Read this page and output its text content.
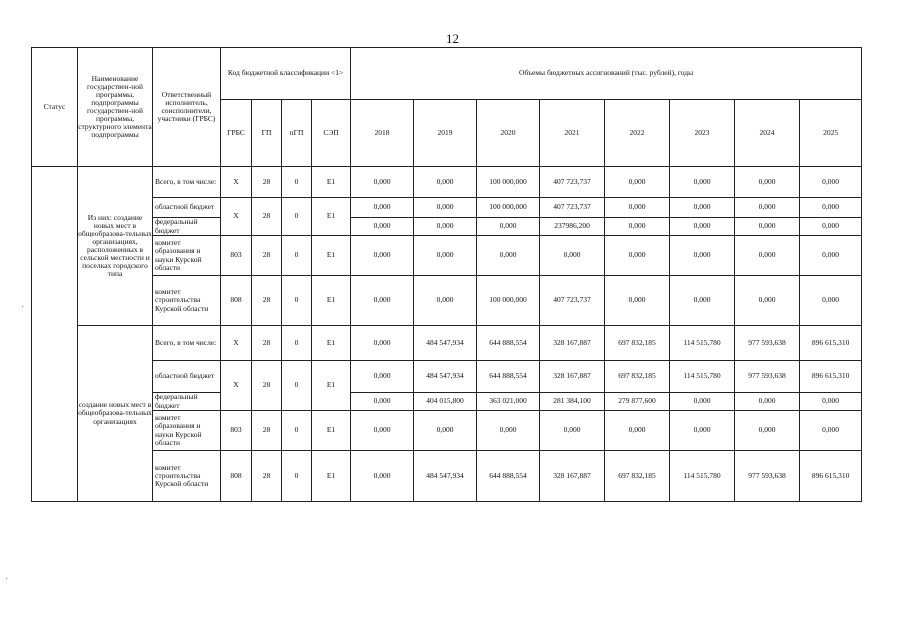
12
Статус	Наименование государствен-ной программы, подпрограммы государствен-ной программы, структурного элемента подпрограммы	Ответственный исполнитель, соисполнители, участники (ГРБС)	Код бюджетной классификации <1>				Объемы бюджетных ассигнований (тыс. рублей), годы							
			ГРБС	ГП	пГП	СЭП	2018	2019	2020	2021	2022	2023	2024	2025
	Из них: создание новых мест в общеобразова-тельных организациях, расположенных в сельской местности и поселках городского типа	Всего, в том числе:	Х	28	0	Е1	0,000	0,000	100 000,000	407 723,737	0,000	0,000	0,000	0,000
		областной бюджет	Х	28	0	Е1	0,000	0,000	100 000,000	407 723,737	0,000	0,000	0,000	0,000
		федеральный бюджет					0,000	0,000	0,000	237986,200	0,000	0,000	0,000	0,000
		комитет образования и науки Курской области	803	28	0	Е1	0,000	0,000	0,000	0,000	0,000	0,000	0,000	0,000
		комитет строительства Курской области	808	28	0	Е1	0,000	0,000	100 000,000	407 723,737	0,000	0,000	0,000	0,000
	создание новых мест в общеобразова-тельных организациях	Всего, в том числе:	Х	28	0	Е1	0,000	484 547,934	644 888,554	328 167,887	697 832,185	114 515,780	977 593,638	896 615,310
		областной бюджет	Х	28	0	Е1	0,000	484 547,934	644 888,554	328 167,887	697 832,185	114 515,780	977 593,638	896 615,310
		федеральный бюджет					0,000	404 015,800	363 021,000	281 384,100	279 877,600	0,000	0,000	0,000
		комитет образования и науки Курской области	803	28	0	Е1	0,000	0,000	0,000	0,000	0,000	0,000	0,000	0,000
		комитет строительства Курской области	808	28	0	Е1	0,000	484 547,934	644 888,554	328 167,887	697 832,185	114 515,780	977 593,638	896 615,310
